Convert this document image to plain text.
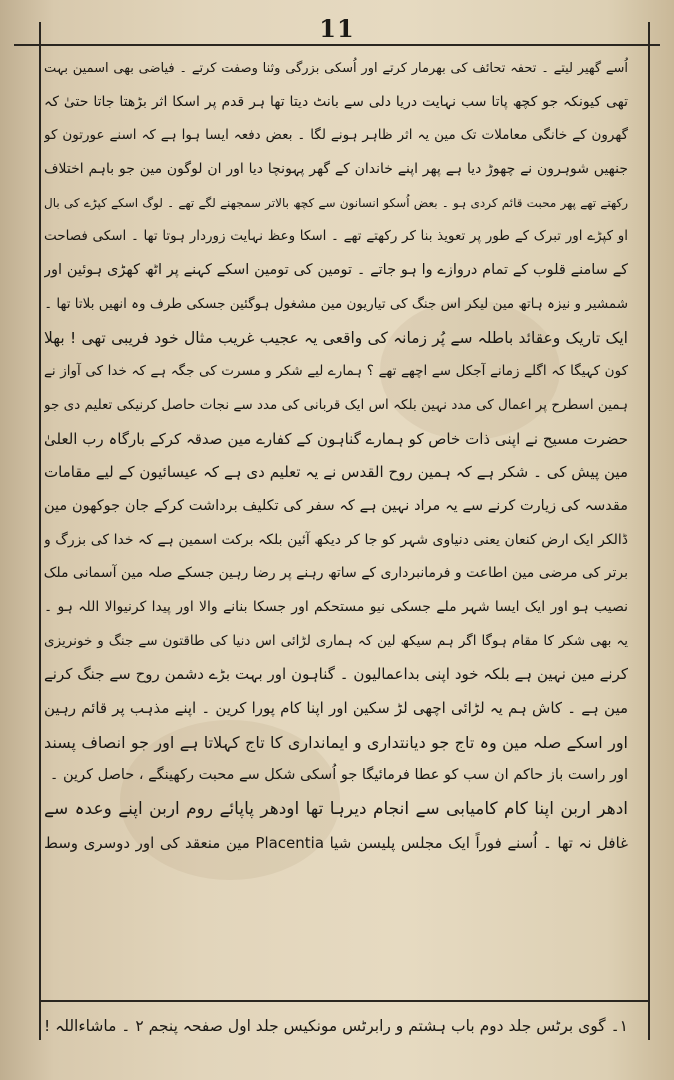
11
اُسے گھیر لیتے ۔ تحفہ تحائف کی بھرمار کرتے اور اُسکی بزرگی وثنا وصفت کرتے ۔ فیاضی بھی اسمین بہت
تھی کیونکہ جو کچھ پاتا سب نہایت دریا دلی سے بانٹ دیتا تھا ہر قدم پر اسکا اثر بڑھتا جاتا حتیٰ کہ
گھرون کے خانگی معاملات تک مین یہ اثر ظاہر ہونے لگا ۔ بعض دفعہ ایسا ہوا ہے کہ اسنے عورتون کو
جنھیں شوہرون نے چھوڑ دیا ہے پھر اپنے خاندان کے گھر پہونچا دیا اور ان لوگون مین جو باہم اختلاف
رکھتے تھے پھر محبت قائم کردی ہو ۔ بعض اُسکو انسانون سے کچھ بالاتر سمجھنے لگے تھے ۔ لوگ اسکے کپڑے کی بال
او کپڑے اور تبرک کے طور پر تعویذ بنا کر رکھتے تھے ۔ اسکا وعظ نہایت زوردار ہوتا تھا ۔ اسکی فصاحت
کے سامنے قلوب کے تمام دروازے وا ہو جاتے ۔ تومین کی تومین اسکے کہنے پر اٹھ کھڑی ہوئین اور
شمشیر و نیزہ ہاتھ مین لیکر اس جنگ کی تیاریون مین مشغول ہوگئین جسکی طرف وہ انھیں بلاتا تھا ۔
ایک تاریک وعقائد باطلہ سے پُر زمانہ کی واقعی یہ عجیب غریب مثال خود فریبی تھی ! بھلا
کون کہیگا کہ اگلے زمانے آجکل سے اچھے تھے ؟ ہمارے لیے شکر و مسرت کی جگہ ہے کہ خدا کی آواز نے
ہمین اسطرح پر اعمال کی مدد نہین بلکہ اس ایک قربانی کی مدد سے نجات حاصل کرنیکی تعلیم دی جو
حضرت مسیح نے اپنی ذات خاص کو ہمارے گناہون کے کفارے مین صدقہ کرکے بارگاہ رب العلیٰ
مین پیش کی ۔ شکر ہے کہ ہمین روح القدس نے یہ تعلیم دی ہے کہ عیسائیون کے لیے مقامات
مقدسہ کی زیارت کرنے سے یہ مراد نہین ہے کہ سفر کی تکلیف برداشت کرکے جان جوکھون مین
ڈالکر ایک ارض کنعان یعنی دنیاوی شہر کو جا کر دیکھ آئین بلکہ برکت اسمین ہے کہ خدا کی بزرگ و
برتر کی مرضی مین اطاعت و فرمانبرداری کے ساتھ رہنے پر رضا رہین جسکے صلہ مین آسمانی ملک
نصیب ہو اور ایک ایسا شہر ملے جسکی نیو مستحکم اور جسکا بنانے والا اور پیدا کرنیوالا اللہ ہو ۔
یہ بھی شکر کا مقام ہوگا اگر ہم سیکھ لین کہ ہماری لڑائی اس دنیا کی طاقتون سے جنگ و خونریزی
کرنے مین نہین ہے بلکہ خود اپنی بداعمالیون ۔ گناہون اور بہت بڑے دشمن روح سے جنگ کرنے
مین ہے ۔ کاش ہم یہ لڑائی اچھی لڑ سکین اور اپنا کام پورا کرین ۔ اپنے مذہب پر قائم رہین
اور اسکے صلہ مین وہ تاج جو دیانتداری و ایمانداری کا تاج کہلاتا ہے اور جو انصاف پسند
اور راست باز حاکم ان سب کو عطا فرمائیگا جو اُسکی شکل سے محبت رکھینگے ، حاصل کرین ۔
ادھر اربن اپنا کام کامیابی سے انجام دیرہا تھا اودھر پاپائے روم اربن اپنے وعدہ سے
غافل نہ تھا ۔ اُسنے فوراً ایک مجلس پلیسن شیا Placentia مین منعقد کی اور دوسری وسط
۱۔ گوی برٹس جلد دوم باب ہشتم و رابرٹس مونکیس جلد اول صفحہ پنجم ۲ ۔ ماشاءاللہ !
